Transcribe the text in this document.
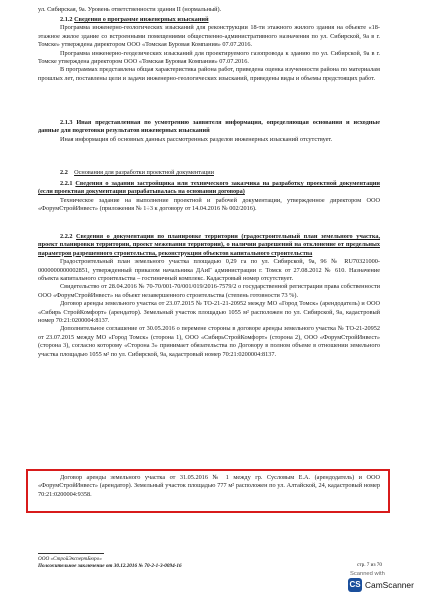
ул. Сибирская, 9а. Уровень ответственности здания II (нормальный).

2.1.2 Сведения о программе инженерных изысканий

Программа инженерно-геологических изысканий для реконструкции 18-ти этажного жилого здания на объекте «18-этажное жилое здание со встроенными помещениями общественно-административного назначения по ул. Сибирской, 9а в г. Томске» утверждена директором ООО «Томская Буровая Компания» 07.07.2016.

Программа инженерно-геодезических изысканий для проектируемого газопровода к зданию по ул. Сибирской, 9а в г. Томске утверждена директором ООО «Томская Буровая Компания» 07.07.2016.

В программах представлена общая характеристика района работ, приведена оценка изученности района по материалам прошлых лет, поставлены цели и задачи инженерно-геологических изысканий, приведены виды и объемы предстоящих работ.

2.1.3 Иная представленная по усмотрению заявителя информация, определяющая основания и исходные данные для подготовки результатов инженерных изысканий

Иная информация об основных данных рассмотренных разделов инженерных изысканий отсутствует.

2.2 Основания для разработки проектной документации

2.2.1 Сведения о задании застройщика или технического заказчика на разработку проектной документации (если проектная документация разрабатывалась на основании договора)

Техническое задание на выполнение проектной и рабочей документации, утвержденное директором ООО «ФорумСтройИнвест» (приложения № 1÷3 к договору от 14.04.2016 № 002/2016).

2.2.2 Сведения о документации по планировке территории (градостроительный план земельного участка, проект планировки территории, проект межевания территории), о наличии разрешений на отклонение от предельных параметров разрешенного строительства, реконструкции объектов капитального строительства

Градостроительный план земельного участка площадью 0,29 га по ул. Сибирской, 9а, 96 № RU70321000-0000000000002851, утвержденный приказом начальника ДАиГ администрации г. Томск от 27.08.2012 № 610. Назначение объекта капитального строительства – гостиничный комплекс. Кадастровый номер отсутствует.

Свидетельство от 28.04.2016 № 70-70/001-70/001/019/2016-7579/2 о государственной регистрации права собственности ООО «ФорумСтройИнвест» на объект незавершенного строительства (степень готовности 73 %).

Договор аренды земельного участка от 23.07.2015 № ТО-21-21-20952 между МО «Город Томск» (арендодатель) и ООО «Сибирь СтройКомфорт» (арендатор). Земельный участок площадью 1055 м² расположен по ул. Сибирской, 9а, кадастровый номер 70:21:0200004:8137.

Дополнительное соглашение от 30.05.2016 о перемене стороны в договоре аренды земельного участка № ТО-21-20952 от 23.07.2015 между МО «Город Томск» (сторона 1), ООО «СибирьСтройКомфорт» (сторона 2), ООО «ФорумСтройИнвест» (сторона 3), согласно которому «Сторона 3» принимает обязательства по Договору в полном объеме в отношении земельного участка площадью 1055 м² по ул. Сибирской, 9а, кадастровый номер 70:21:0200004:8137.

Договор аренды земельного участка от 31.05.2016 № 1 между гр. Сусловым Е.А. (арендодатель) и ООО «ФорумСтройИнвест» (арендатор). Земельный участок площадью 777 м² расположен по ул. Алтайской, 24, кадастровый номер 70:21:0200004:9358.

ООО «СтройЭкспертБюро»
Положительное заключение от 30.12.2016 № 70-2-1-3-0094-16	стр. 7 из 70
Scanned with
CS CamScanner
